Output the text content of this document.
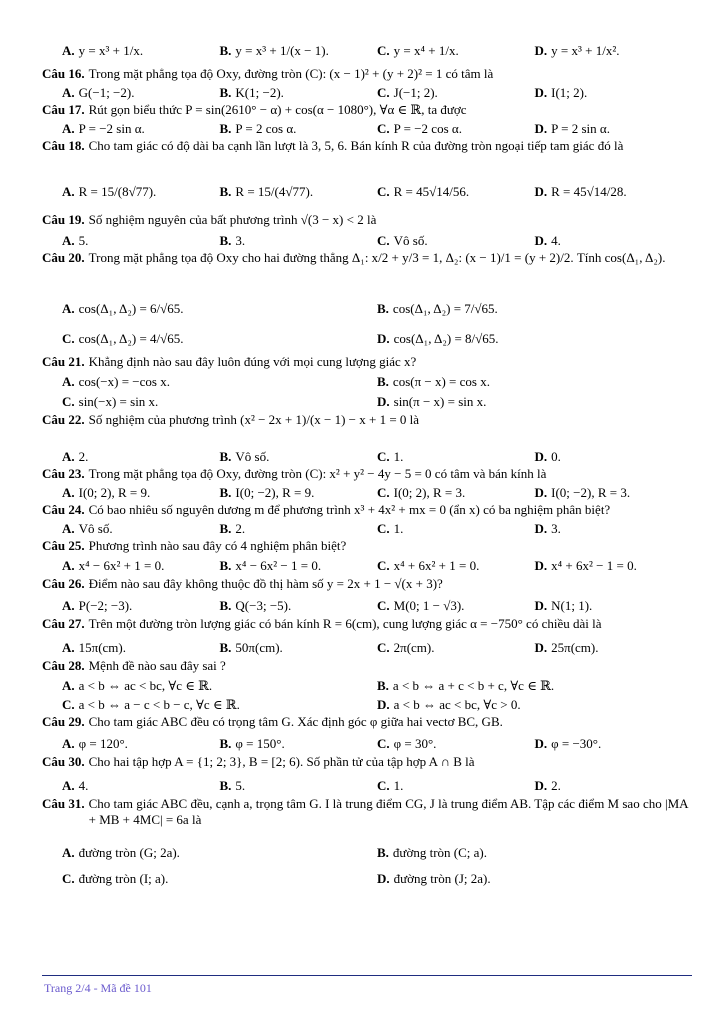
A. y = x³ + 1/x.	B. y = x³ + 1/(x − 1).	C. y = x⁴ + 1/x.	D. y = x³ + 1/x².
Câu 16. Trong mặt phẳng tọa độ Oxy, đường tròn (C): (x − 1)² + (y + 2)² = 1 có tâm là
A. G(−1; −2).	B. K(1; −2).	C. J(−1; 2).	D. I(1; 2).
Câu 17. Rút gọn biểu thức P = sin(2610° − α) + cos(α − 1080°), ∀α ∈ ℝ, ta được
A. P = −2 sin α.	B. P = 2 cos α.	C. P = −2 cos α.	D. P = 2 sin α.
Câu 18. Cho tam giác có độ dài ba cạnh lần lượt là 3, 5, 6. Bán kính R của đường tròn ngoại tiếp tam giác đó là
A. R = 15/(8√77).	B. R = 15/(4√77).	C. R = 45√14/56.	D. R = 45√14/28.
Câu 19. Số nghiệm nguyên của bất phương trình √(3 − x) < 2 là
A. 5.	B. 3.	C. Vô số.	D. 4.
Câu 20. Trong mặt phẳng tọa độ Oxy cho hai đường thẳng Δ₁: x/2 + y/3 = 1, Δ₂: (x − 1)/1 = (y + 2)/2. Tính cos(Δ₁, Δ₂).
A. cos(Δ₁, Δ₂) = 6/√65.	B. cos(Δ₁, Δ₂) = 7/√65.
C. cos(Δ₁, Δ₂) = 4/√65.	D. cos(Δ₁, Δ₂) = 8/√65.
Câu 21. Khẳng định nào sau đây luôn đúng với mọi cung lượng giác x?
A. cos(−x) = −cos x.	B. cos(π − x) = cos x.
C. sin(−x) = sin x.	D. sin(π − x) = sin x.
Câu 22. Số nghiệm của phương trình (x² − 2x + 1)/(x − 1) − x + 1 = 0 là
A. 2.	B. Vô số.	C. 1.	D. 0.
Câu 23. Trong mặt phẳng tọa độ Oxy, đường tròn (C): x² + y² − 4y − 5 = 0 có tâm và bán kính là
A. I(0; 2), R = 9.	B. I(0; −2), R = 9.	C. I(0; 2), R = 3.	D. I(0; −2), R = 3.
Câu 24. Có bao nhiêu số nguyên dương m để phương trình x³ + 4x² + mx = 0 (ẩn x) có ba nghiệm phân biệt?
A. Vô số.	B. 2.	C. 1.	D. 3.
Câu 25. Phương trình nào sau đây có 4 nghiệm phân biệt?
A. x⁴ − 6x² + 1 = 0.	B. x⁴ − 6x² − 1 = 0.	C. x⁴ + 6x² + 1 = 0.	D. x⁴ + 6x² − 1 = 0.
Câu 26. Điểm nào sau đây không thuộc đồ thị hàm số y = 2x + 1 − √(x + 3)?
A. P(−2; −3).	B. Q(−3; −5).	C. M(0; 1 − √3).	D. N(1; 1).
Câu 27. Trên một đường tròn lượng giác có bán kính R = 6(cm), cung lượng giác α = −750° có chiều dài là
A. 15π(cm).	B. 50π(cm).	C. 2π(cm).	D. 25π(cm).
Câu 28. Mệnh đề nào sau đây sai ?
A. a < b ⇔ ac < bc, ∀c ∈ ℝ.	B. a < b ⇔ a + c < b + c, ∀c ∈ ℝ.
C. a < b ⇔ a − c < b − c, ∀c ∈ ℝ.	D. a < b ⇔ ac < bc, ∀c > 0.
Câu 29. Cho tam giác ABC đều có trọng tâm G. Xác định góc φ giữa hai vectơ BC, GB.
A. φ = 120°.	B. φ = 150°.	C. φ = 30°.	D. φ = −30°.
Câu 30. Cho hai tập hợp A = {1; 2; 3}, B = [2; 6). Số phần tử của tập hợp A ∩ B là
A. 4.	B. 5.	C. 1.	D. 2.
Câu 31. Cho tam giác ABC đều, cạnh a, trọng tâm G. I là trung điểm CG, J là trung điểm AB. Tập các điểm M sao cho |MA + MB + 4MC| = 6a là
A. đường tròn (G; 2a).	B. đường tròn (C; a).
C. đường tròn (I; a).	D. đường tròn (J; 2a).
Trang 2/4 - Mã đề 101
